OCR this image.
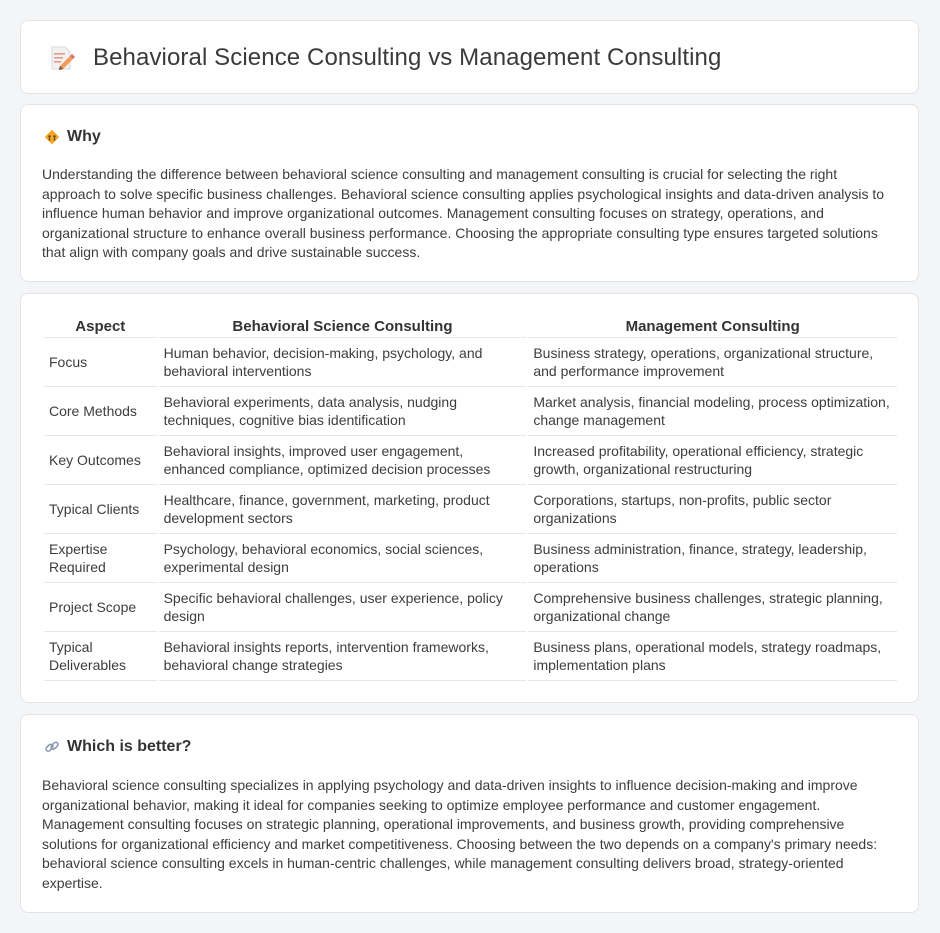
Behavioral Science Consulting vs Management Consulting
Why

Understanding the difference between behavioral science consulting and management consulting is crucial for selecting the right approach to solve specific business challenges. Behavioral science consulting applies psychological insights and data-driven analysis to influence human behavior and improve organizational outcomes. Management consulting focuses on strategy, operations, and organizational structure to enhance overall business performance. Choosing the appropriate consulting type ensures targeted solutions that align with company goals and drive sustainable success.

Aspect	Behavioral Science Consulting	Management Consulting
Focus	Human behavior, decision-making, psychology, and behavioral interventions	Business strategy, operations, organizational structure, and performance improvement
Core Methods	Behavioral experiments, data analysis, nudging techniques, cognitive bias identification	Market analysis, financial modeling, process optimization, change management
Key Outcomes	Behavioral insights, improved user engagement, enhanced compliance, optimized decision processes	Increased profitability, operational efficiency, strategic growth, organizational restructuring
Typical Clients	Healthcare, finance, government, marketing, product development sectors	Corporations, startups, non-profits, public sector organizations
Expertise Required	Psychology, behavioral economics, social sciences, experimental design	Business administration, finance, strategy, leadership, operations
Project Scope	Specific behavioral challenges, user experience, policy design	Comprehensive business challenges, strategic planning, organizational change
Typical Deliverables	Behavioral insights reports, intervention frameworks, behavioral change strategies	Business plans, operational models, strategy roadmaps, implementation plans
Which is better?

Behavioral science consulting specializes in applying psychology and data-driven insights to influence decision-making and improve organizational behavior, making it ideal for companies seeking to optimize employee performance and customer engagement. Management consulting focuses on strategic planning, operational improvements, and business growth, providing comprehensive solutions for organizational efficiency and market competitiveness. Choosing between the two depends on a company's primary needs: behavioral science consulting excels in human-centric challenges, while management consulting delivers broad, strategy-oriented expertise.
